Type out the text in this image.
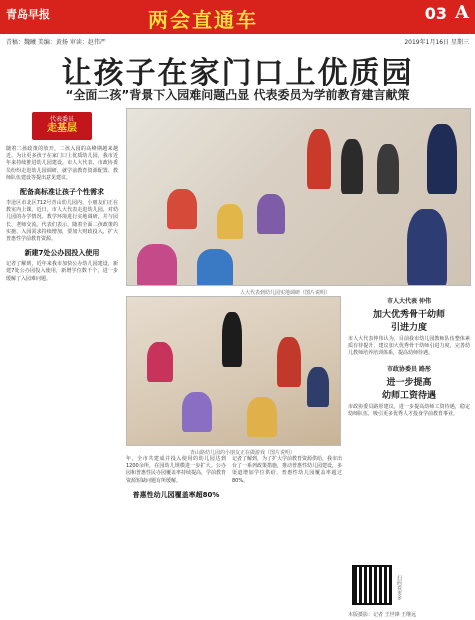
青岛早报	两会直通车	03 A
青稿：魏曦 美编：黄扬 审读：赵伟严	2019年1月16日 星期三
让孩子在家门口上优质园
“全面二孩”背景下入园难问题凸显 代表委员为学前教育建言献策
代表委员
走基层

随着二孩政策的放开，二孩入园的高峰期越来越近。为让更多孩子在家门口上优质幼儿园，我市近年来持续推进幼儿园建设。市人大代表、市政协委员纷纷走进幼儿园调研，就学前教育资源配置、教师队伍建设等提出意见建议。

配备高标准让孩子个性需求

李沧区市北区712号青山幼儿园内，小朋友们正在教室内上课。近日，市人大代表走进幼儿园，对幼儿园的办学情况、教学环境进行实地调研，并与园长、老师交流。代表们表示，随着全面二孩政策的实施，入园需求持续增加，要加大财政投入，扩大普惠性学前教育资源。

新建7处公办园投入使用

记者了解到，近年来我市加快公办幼儿园建设，新建7处公办园投入使用，新增学位数千个，进一步缓解了入园难问题。

人大代表到幼儿园实地调研（图片说明）
青山路幼儿园的小朋友正在做游戏（图片说明）

年，全市共建成并投入使用的幼儿园达到1200余所，在园幼儿规模进一步扩大。公办园和普惠性民办园覆盖率持续提高，学前教育资源短缺问题有所缓解。

普惠性幼儿园覆盖率超80%

记者了解到，为了扩大学前教育资源供给，我市出台了一系列政策措施，推动普惠性幼儿园建设，多渠道增加学位供给，普惠性幼儿园覆盖率超过80%。

市人大代表 仲伟
加大优秀骨干幼师
引进力度

市人大代表仲伟认为，目前我市幼儿园教师队伍整体素质有待提升，建议加大优秀骨干幼师引进力度，完善幼儿教师培养培训体系，提高幼师待遇。

市政协委员 路彤
进一步提高
幼师工资待遇

市政协委员路彤建议，进一步提高幼师工资待遇，稳定幼师队伍，吸引更多优秀人才投身学前教育事业。

扫码看更多
本版摄影：记者 王世锋 王继远
